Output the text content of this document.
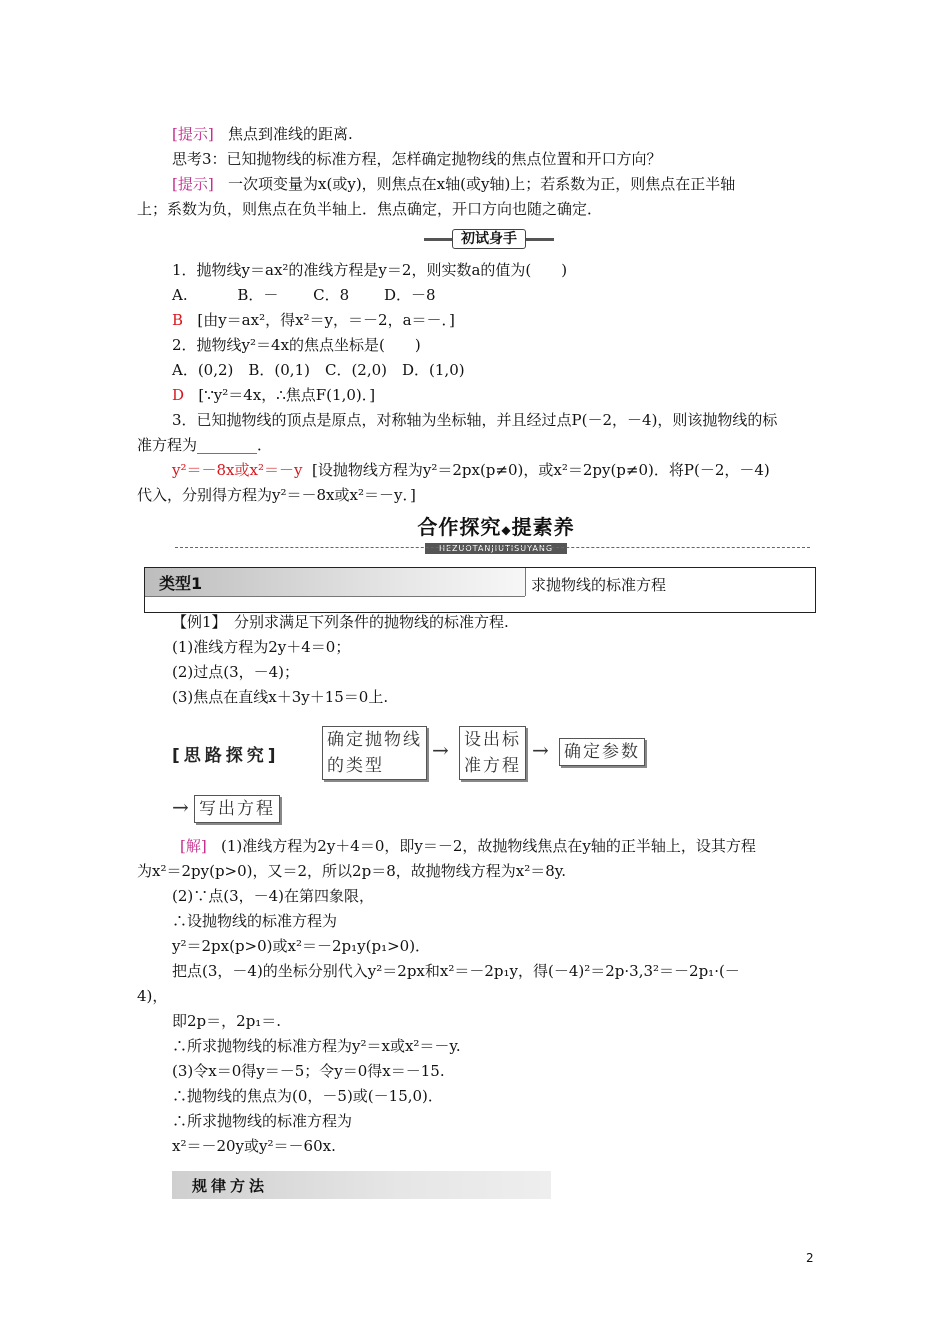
[提示] 焦点到准线的距离.
思考3：已知抛物线的标准方程，怎样确定抛物线的焦点位置和开口方向？
[提示] 一次项变量为x(或y)，则焦点在x轴(或y轴)上；若系数为正，则焦点在正半轴
上；系数为负，则焦点在负半轴上．焦点确定，开口方向也随之确定．
初试身手
1．抛物线y＝ax²的准线方程是y＝2，则实数a的值为(　　)
A.　　　 B．－　　 C．8　　 D．－8
B [由y＝ax²，得x²＝y，＝－2，a＝－．]
2．抛物线y²＝4x的焦点坐标是(　　)
A．(0,2)　B．(0,1)　C．(2,0)　D．(1,0)
D [∵y²＝4x，∴焦点F(1,0)．]
3．已知抛物线的顶点是原点，对称轴为坐标轴，并且经过点P(－2，－4)，则该抛物线的标
准方程为________．
y²＝－8x或x²＝－y [设抛物线方程为y²＝2px(p≠0)，或x²＝2py(p≠0)．将P(－2，－4)
代入，分别得方程为y²＝－8x或x²＝－y．]
合作探究◆提素养
HEZUOTANJIUTISUYANG
类型1	求抛物线的标准方程
【例1】　分别求满足下列条件的抛物线的标准方程.
(1)准线方程为2y＋4＝0；
(2)过点(3，－4)；
(3)焦点在直线x＋3y＋15＝0上.
[思路探究]
确定抛物线
的类型
→ 设出标
准方程
→ 确定参数
→ 写出方程
[解] (1)准线方程为2y＋4＝0，即y＝－2，故抛物线焦点在y轴的正半轴上，设其方程
为x²＝2py(p>0)，又＝2，所以2p＝8，故抛物线方程为x²＝8y.
(2)∵点(3，－4)在第四象限，
∴设抛物线的标准方程为
y²＝2px(p>0)或x²＝－2p₁y(p₁>0)．
把点(3，－4)的坐标分别代入y²＝2px和x²＝－2p₁y，得(－4)²＝2p·3,3²＝－2p₁·(－
4)，
即2p＝，2p₁＝.
∴所求抛物线的标准方程为y²＝x或x²＝－y.
(3)令x＝0得y＝－5；令y＝0得x＝－15.
∴抛物线的焦点为(0，－5)或(－15,0)．
∴所求抛物线的标准方程为
x²＝－20y或y²＝－60x.
规律方法
2
